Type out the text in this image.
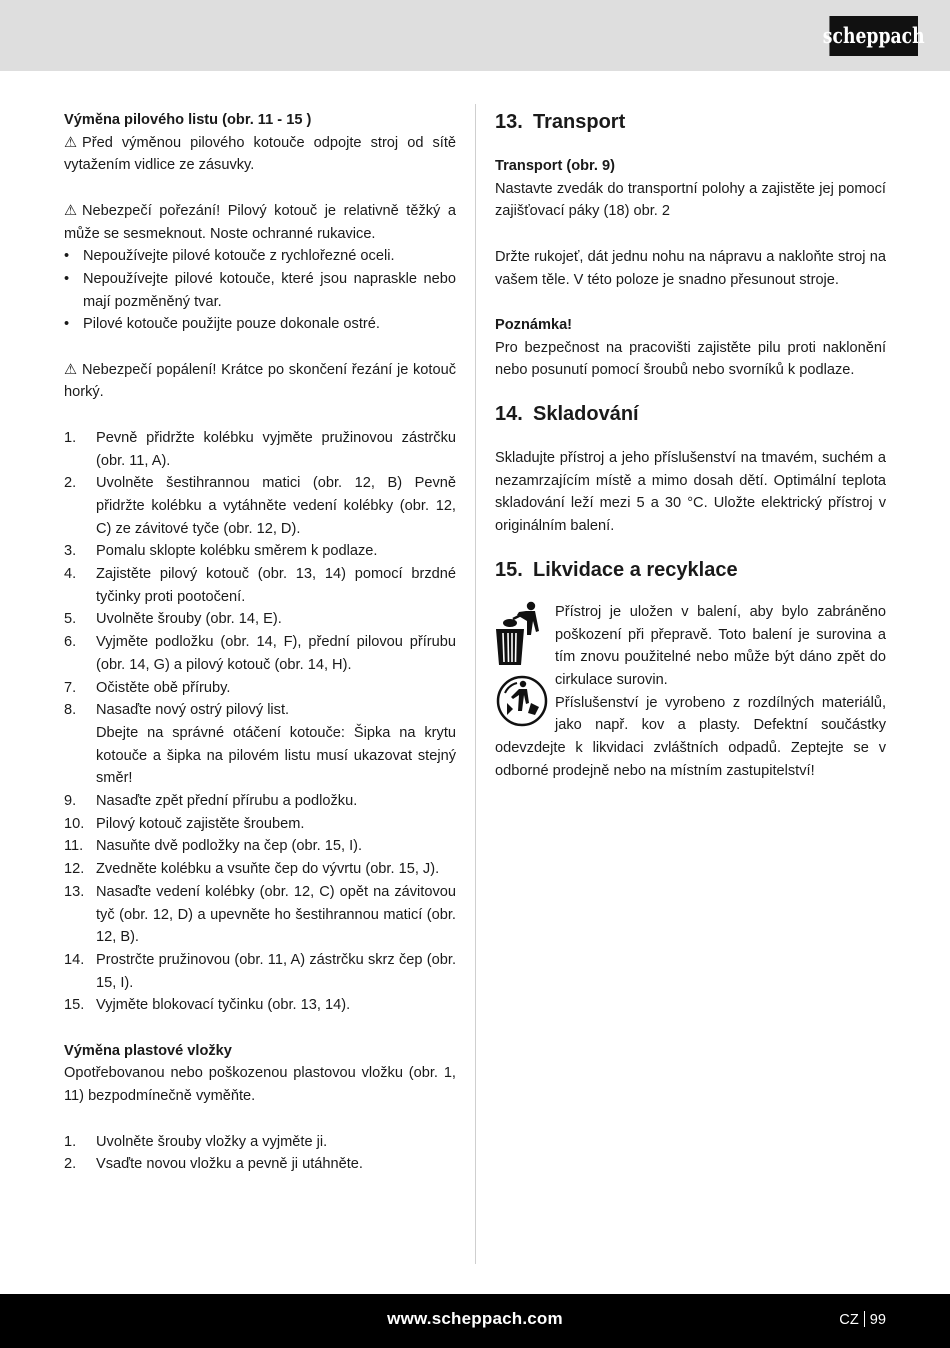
scheppach

Výměna pilového listu (obr. 11 - 15 )

⚠ Před výměnou pilového kotouče odpojte stroj od sítě vytažením vidlice ze zásuvky.

⚠ Nebezpečí pořezání! Pilový kotouč je relativně těžký a může se sesmeknout. Noste ochranné rukavice.

• Nepoužívejte pilové kotouče z rychlořezné oceli.
• Nepoužívejte pilové kotouče, které jsou napraskle nebo mají pozměněný tvar.
• Pilové kotouče použijte pouze dokonale ostré.

⚠ Nebezpečí popálení! Krátce po skončení řezání je kotouč horký.

1. Pevně přidržte kolébku vyjměte pružinovou zástrčku (obr. 11, A).
2. Uvolněte šestihrannou matici (obr. 12, B) Pevně přidržte kolébku a vytáhněte vedení kolébky (obr. 12, C) ze závitové tyče (obr. 12, D).
3. Pomalu sklopte kolébku směrem k podlaze.
4. Zajistěte pilový kotouč (obr. 13, 14) pomocí brzdné tyčinky proti pootočení.
5. Uvolněte šrouby (obr. 14, E).
6. Vyjměte podložku (obr. 14, F), přední pilovou přírubu (obr. 14, G) a pilový kotouč (obr. 14, H).
7. Očistěte obě příruby.
8. Nasaďte nový ostrý pilový list.
Dbejte na správné otáčení kotouče: Šipka na krytu kotouče a šipka na pilovém listu musí ukazovat stejný směr!
9. Nasaďte zpět přední přírubu a podložku.
10. Pilový kotouč zajistěte šroubem.
11. Nasuňte dvě podložky na čep (obr. 15, I).
12. Zvedněte kolébku a vsuňte čep do vývrtu (obr. 15, J).
13. Nasaďte vedení kolébky (obr. 12, C) opět na závitovou tyč (obr. 12, D) a upevněte ho šestihrannou maticí (obr. 12, B).
14. Prostrčte pružinovou (obr. 11, A) zástrčku skrz čep (obr. 15, I).
15. Vyjměte blokovací tyčinku (obr. 13, 14).

Výměna plastové vložky

Opotřebovanou nebo poškozenou plastovou vložku (obr. 1, 11) bezpodmínečně vyměňte.

1. Uvolněte šrouby vložky a vyjměte ji.
2. Vsaďte novou vložku a pevně ji utáhněte.

13. Transport

Transport (obr. 9)

Nastavte zvedák do transportní polohy a zajistěte jej pomocí zajišťovací páky (18) obr. 2

Držte rukojeť, dát jednu nohu na nápravu a nakloňte stroj na vašem těle. V této poloze je snadno přesunout stroje.

Poznámka!

Pro bezpečnost na pracovišti zajistěte pilu proti naklonění nebo posunutí pomocí šroubů nebo svorníků k podlaze.

14. Skladování

Skladujte přístroj a jeho příslušenství na tmavém, suchém a nezamrzajícím místě a mimo dosah dětí. Optimální teplota skladování leží mezi 5 a 30 °C. Uložte elektrický přístroj v originálním balení.

15. Likvidace a recyklace

Přístroj je uložen v balení, aby bylo zabráněno poškození při přepravě. Toto balení je surovina a tím znovu použitelné nebo může být dáno zpět do cirkulace surovin.

Příslušenství je vyrobeno z rozdílných materiálů, jako např. kov a plasty. Defektní součástky odevzdejte k likvidaci zvláštních odpadů. Zeptejte se v odborné prodejně nebo na místním zastupitelství!

www.scheppach.com	CZ 99
